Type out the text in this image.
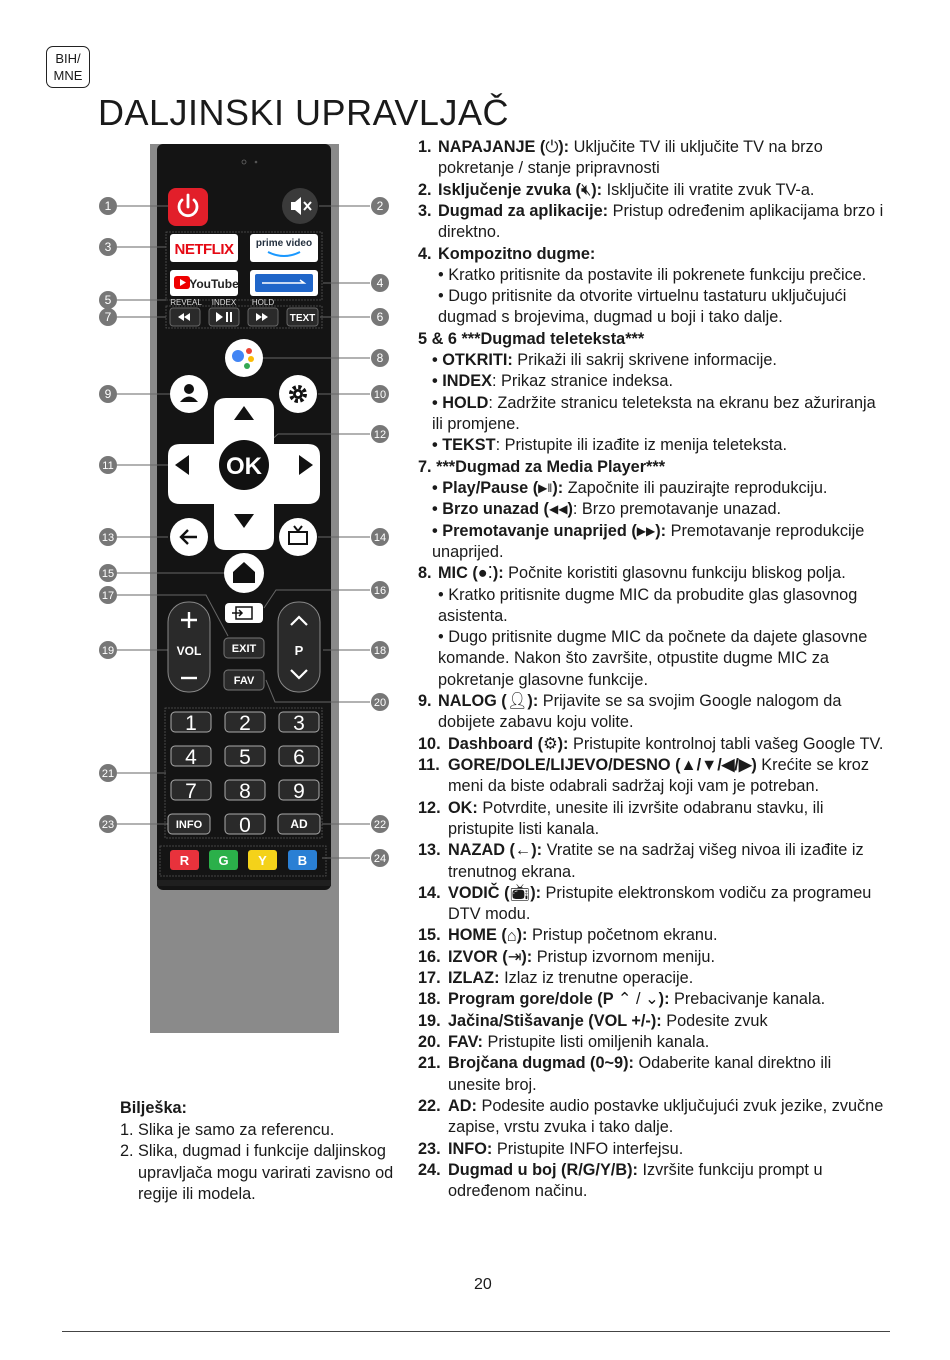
BIH/
MNE
DALJINSKI UPRAVLJAČ
NETFLIX prime video
YouTube
REVEAL INDEX HOLD
TEXT
OK
EXIT
FAV
VOL	P
1 2 3
4 5 6
7 8 9
0
INFO	AD
R G Y B
1	2
3
4
5
6
7
8
9	10
11
12
13	14
15
16
17
18
19
20
21
22
23
24
1. NAPAJANJE (⏻): Uključite TV ili uključite TV na brzo pokretanje / stanje pripravnosti
2. Isključenje zvuka (🔇︎): Isključite ili vratite zvuk TV-a.
3. Dugmad za aplikacije: Pristup određenim aplikacijama brzo i direktno.
4. Kompozitno dugme:
• Kratko pritisnite da postavite ili pokrenete funkciju prečice.
• Dugo pritisnite da otvorite virtuelnu tastaturu uključujući dugmad s brojevima, dugmad u boji i tako dalje.
5 & 6 ***Dugmad teleteksta***
• OTKRITI: Prikaži ili sakrij skrivene informacije.
• INDEX: Prikaz stranice indeksa.
• HOLD: Zadržite stranicu teleteksta na ekranu bez ažuriranja ili promjene.
• TEKST: Pristupite ili izađite iz menija teleteksta.
7. ***Dugmad za Media Player***
• Play/Pause (▶‖): Započnite ili pauzirajte reprodukciju.
• Brzo unazad (◀◀): Brzo premotavanje unazad.
• Premotavanje unaprijed (▶▶): Premotavanje reprodukcije unaprijed.
8. MIC (●⁚): Počnite koristiti glasovnu funkciju bliskog polja.
• Kratko pritisnite dugme MIC da probudite glas glasovnog asistenta.
• Dugo pritisnite dugme MIC da počnete da dajete glasovne komande. Nakon što završite, otpustite dugme MIC za pokretanje glasovne funkcije.
9. NALOG (👤︎): Prijavite se sa svojim Google nalogom da dobijete zabavu koju volite.
10. Dashboard (⚙): Pristupite kontrolnoj tabli vašeg Google TV.
11. GORE/DOLE/LIJEVO/DESNO (▲/▼/◀/▶) Krećite se kroz meni da biste odabrali sadržaj koji vam je potreban.
12. OK: Potvrdite, unesite ili izvršite odabranu stavku, ili pristupite listi kanala.
13. NAZAD (←): Vratite se na sadržaj višeg nivoa ili izađite iz trenutnog ekrana.
14. VODIČ (📺︎): Pristupite elektronskom vodiču za programeu DTV modu.
15. HOME (⌂): Pristup početnom ekranu.
16. IZVOR (⇥): Pristup izvornom meniju.
17. IZLAZ: Izlaz iz trenutne operacije.
18. Program gore/dole (P ⌃ / ⌄): Prebacivanje kanala.
19. Jačina/Stišavanje (VOL +/-): Podesite zvuk
20. FAV: Pristupite listi omiljenih kanala.
21. Brojčana dugmad (0~9): Odaberite kanal direktno ili unesite broj.
22. AD: Podesite audio postavke uključujući zvuk jezike, zvučne zapise, vrstu zvuka i tako dalje.
23. INFO: Pristupite INFO interfejsu.
24. Dugmad u boj (R/G/Y/B): Izvršite funkciju prompt u određenom načinu.
Bilješka:
1. Slika je samo za referencu.
2. Slika, dugmad i funkcije daljinskog upravljača mogu varirati zavisno od regije ili modela.
20
